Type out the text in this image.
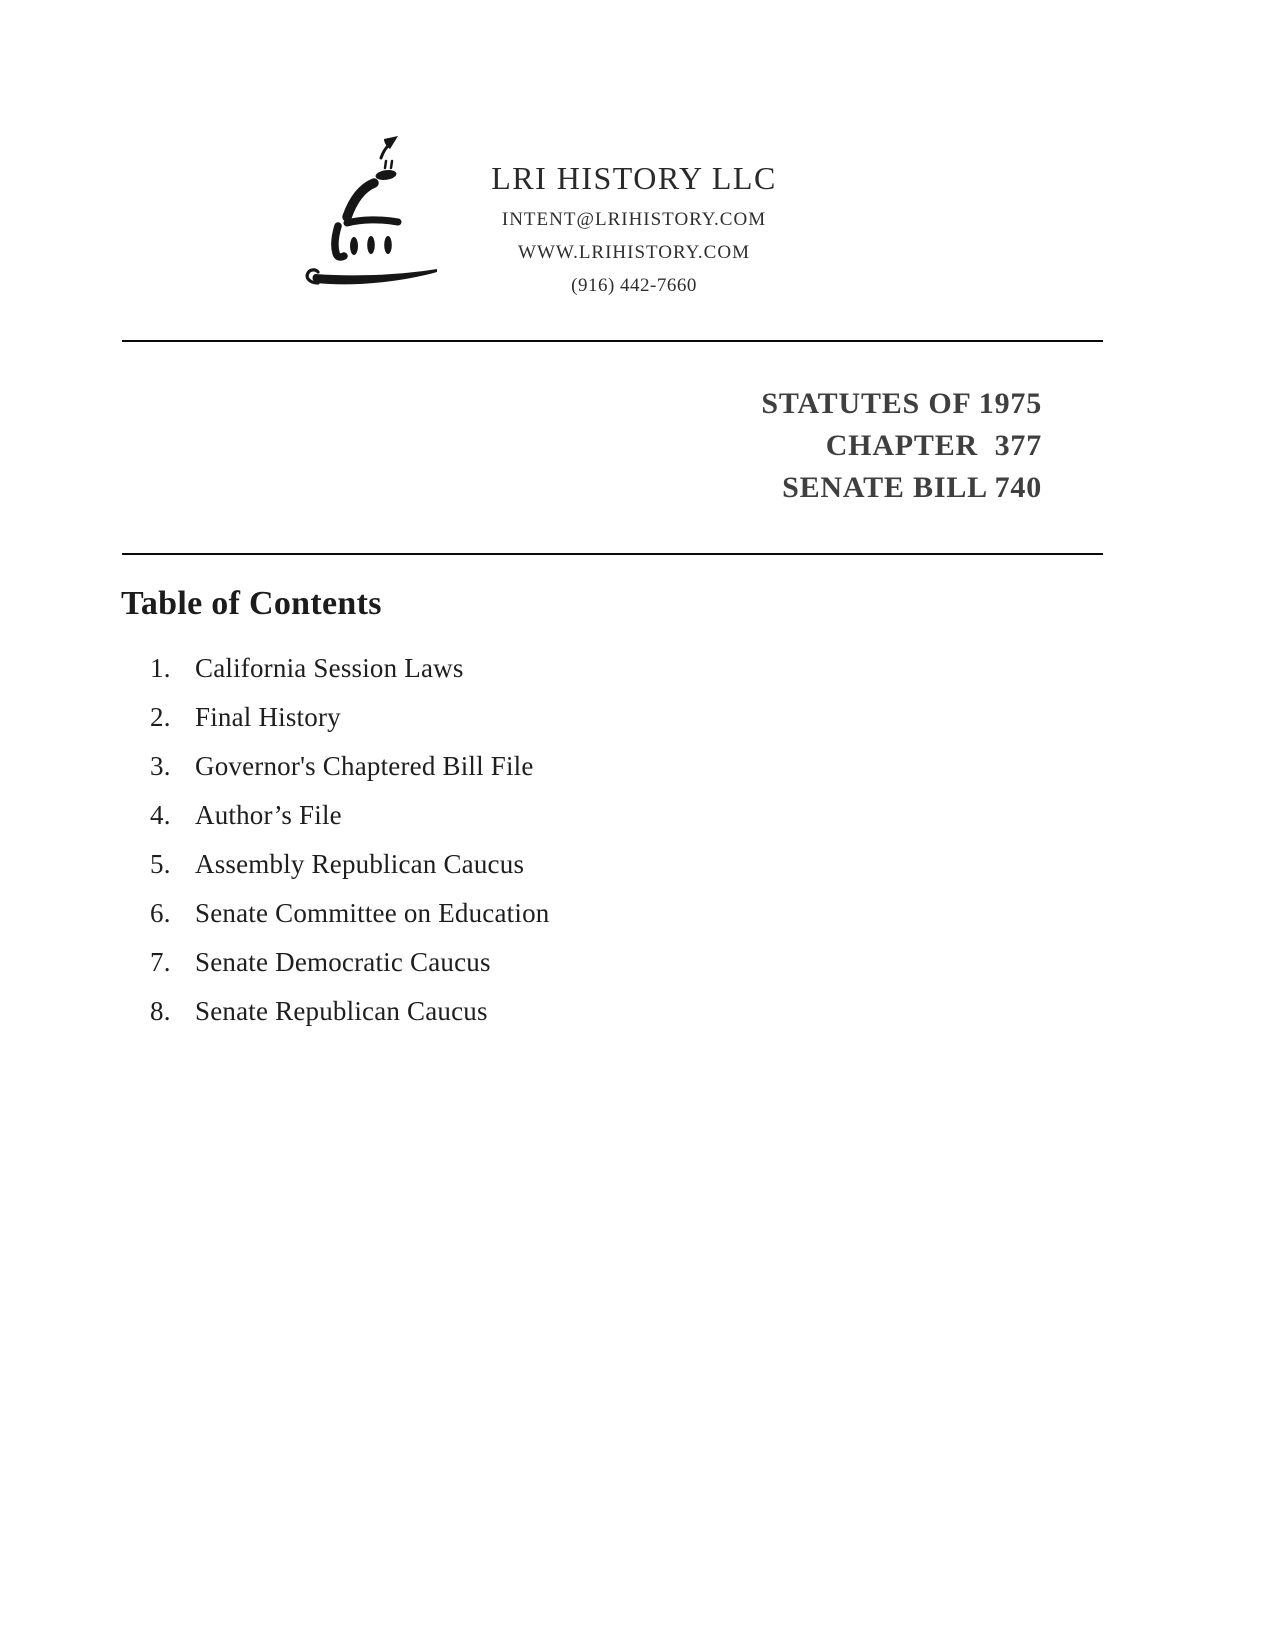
LRI HISTORY LLC
INTENT@LRIHISTORY.COM
WWW.LRIHISTORY.COM
(916) 442-7660
STATUTES OF 1975
CHAPTER  377
SENATE BILL 740
Table of Contents
1. California Session Laws
2. Final History
3. Governor's Chaptered Bill File
4. Author’s File
5. Assembly Republican Caucus
6. Senate Committee on Education
7. Senate Democratic Caucus
8. Senate Republican Caucus
